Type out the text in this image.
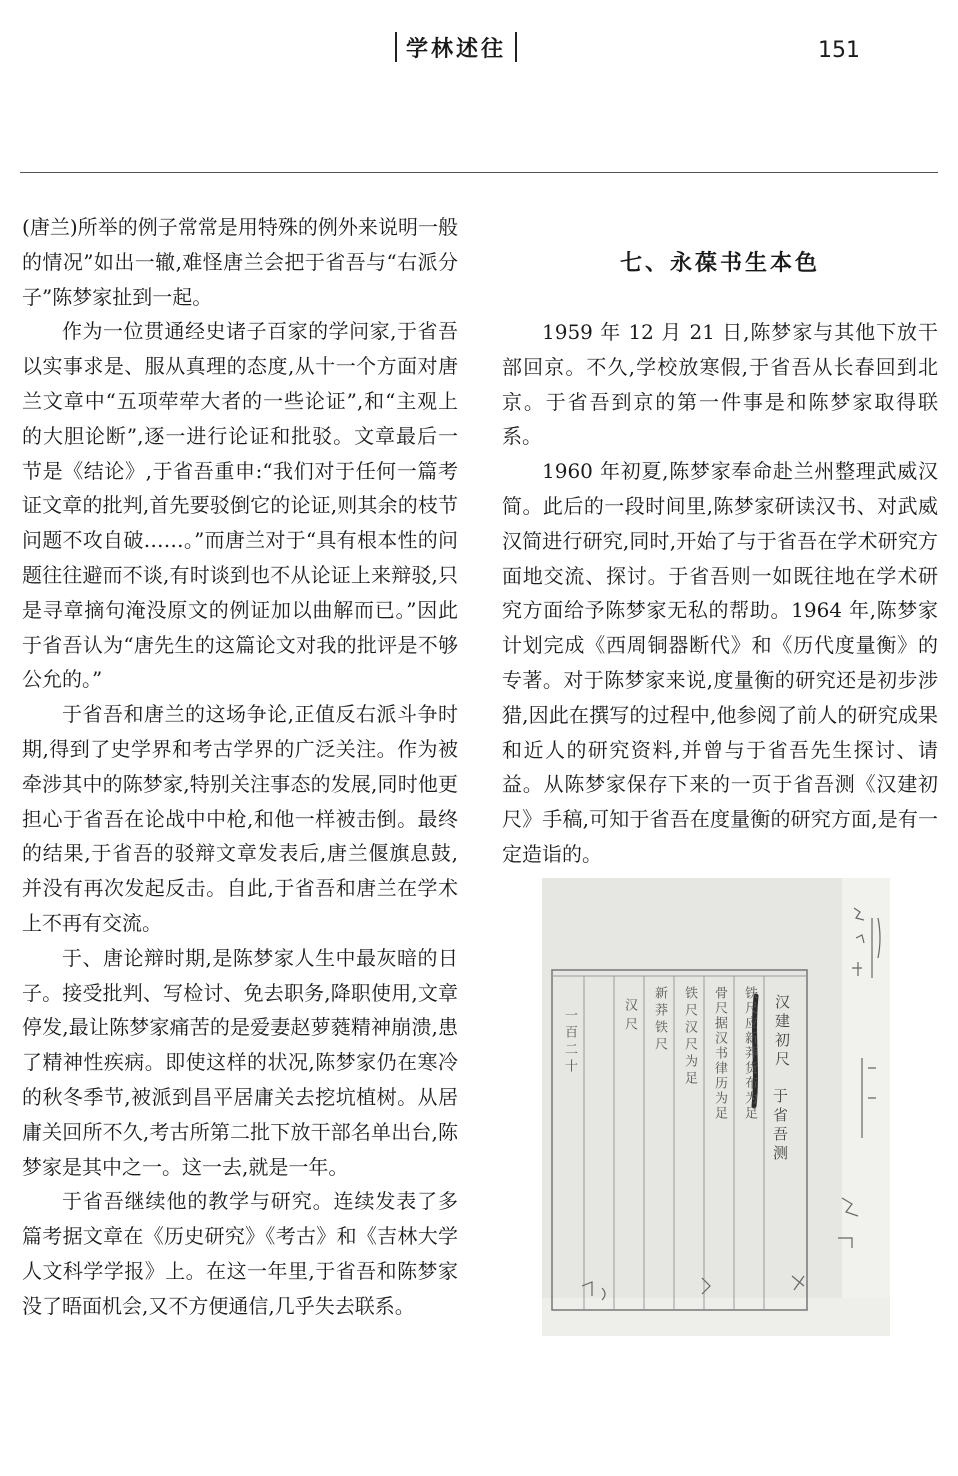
学林述往	151

(唐兰)所举的例子常常是用特殊的例外来说明一般的情况”如出一辙,难怪唐兰会把于省吾与“右派分子”陈梦家扯到一起。

作为一位贯通经史诸子百家的学问家,于省吾以实事求是、服从真理的态度,从十一个方面对唐兰文章中“五项荦荦大者的一些论证”,和“主观上的大胆论断”,逐一进行论证和批驳。文章最后一节是《结论》,于省吾重申:“我们对于任何一篇考证文章的批判,首先要驳倒它的论证,则其余的枝节问题不攻自破……。”而唐兰对于“具有根本性的问题往往避而不谈,有时谈到也不从论证上来辩驳,只是寻章摘句淹没原文的例证加以曲解而已。”因此于省吾认为“唐先生的这篇论文对我的批评是不够公允的。”

于省吾和唐兰的这场争论,正值反右派斗争时期,得到了史学界和考古学界的广泛关注。作为被牵涉其中的陈梦家,特别关注事态的发展,同时他更担心于省吾在论战中中枪,和他一样被击倒。最终的结果,于省吾的驳辩文章发表后,唐兰偃旗息鼓,并没有再次发起反击。自此,于省吾和唐兰在学术上不再有交流。

于、唐论辩时期,是陈梦家人生中最灰暗的日子。接受批判、写检讨、免去职务,降职使用,文章停发,最让陈梦家痛苦的是爱妻赵萝蕤精神崩溃,患了精神性疾病。即使这样的状况,陈梦家仍在寒冷的秋冬季节,被派到昌平居庸关去挖坑植树。从居庸关回所不久,考古所第二批下放干部名单出台,陈梦家是其中之一。这一去,就是一年。

于省吾继续他的教学与研究。连续发表了多篇考据文章在《历史研究》《考古》和《吉林大学人文科学学报》上。在这一年里,于省吾和陈梦家没了晤面机会,又不方便通信,几乎失去联系。

七、永葆书生本色

1959 年 12 月 21 日,陈梦家与其他下放干部回京。不久,学校放寒假,于省吾从长春回到北京。于省吾到京的第一件事是和陈梦家取得联系。

1960 年初夏,陈梦家奉命赴兰州整理武威汉简。此后的一段时间里,陈梦家研读汉书、对武威汉简进行研究,同时,开始了与于省吾在学术研究方面地交流、探讨。于省吾则一如既往地在学术研究方面给予陈梦家无私的帮助。1964 年,陈梦家计划完成《西周铜器断代》和《历代度量衡》的专著。对于陈梦家来说,度量衡的研究还是初步涉猎,因此在撰写的过程中,他参阅了前人的研究成果和近人的研究资料,并曾与于省吾先生探讨、请益。从陈梦家保存下来的一页于省吾测《汉建初尺》手稿,可知于省吾在度量衡的研究方面,是有一定造诣的。

汉建初尺
于省吾测
铁尺应新莽货布为足
骨尺据汉书律历为足
铁尺汉尺为足
新莽铁尺
汉尺
一百二十
